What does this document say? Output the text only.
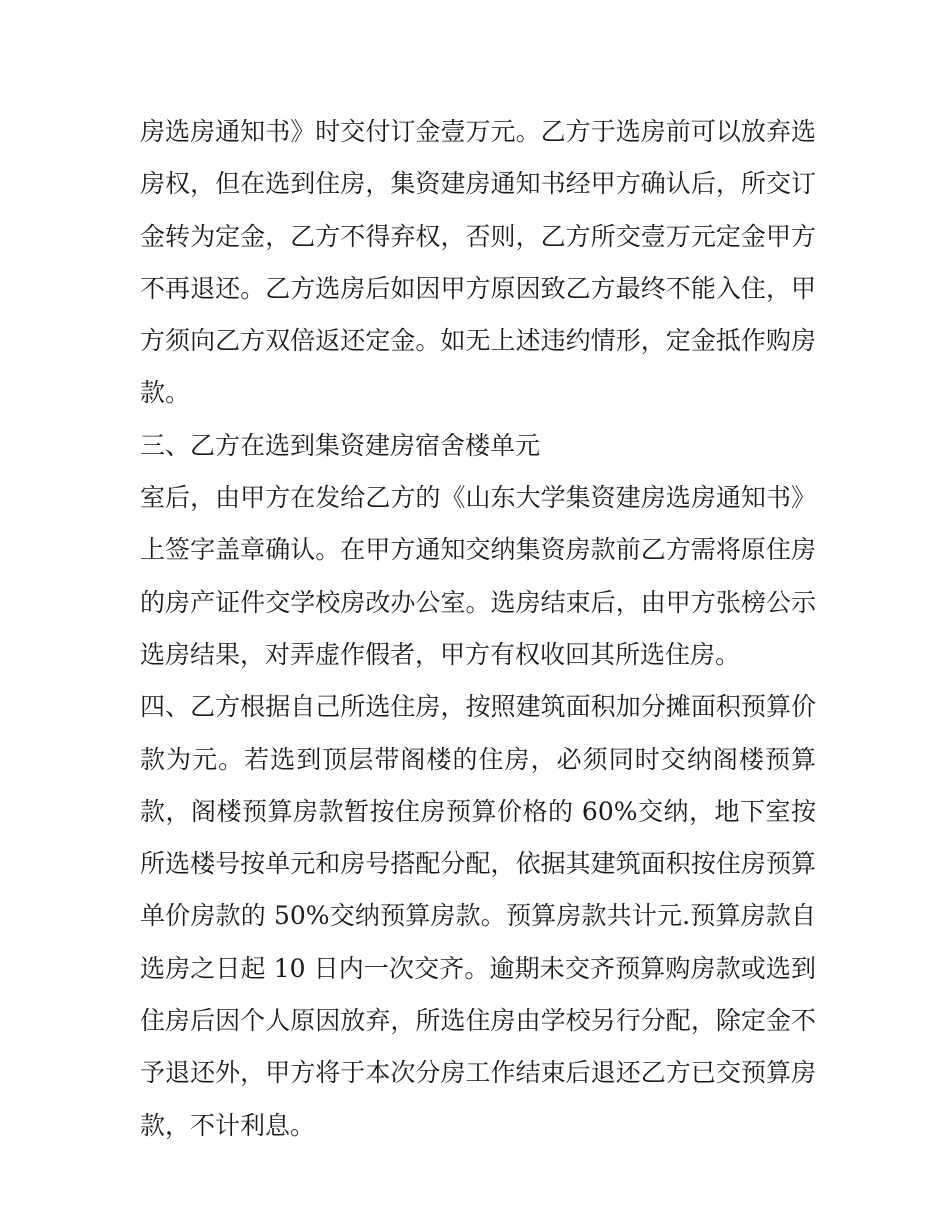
房选房通知书》时交付订金壹万元。乙方于选房前可以放弃选
房权，但在选到住房，集资建房通知书经甲方确认后，所交订
金转为定金，乙方不得弃权，否则，乙方所交壹万元定金甲方
不再退还。乙方选房后如因甲方原因致乙方最终不能入住，甲
方须向乙方双倍返还定金。如无上述违约情形，定金抵作购房
款。
三、乙方在选到集资建房宿舍楼单元
室后，由甲方在发给乙方的《山东大学集资建房选房通知书》
上签字盖章确认。在甲方通知交纳集资房款前乙方需将原住房
的房产证件交学校房改办公室。选房结束后，由甲方张榜公示
选房结果，对弄虚作假者，甲方有权收回其所选住房。
四、乙方根据自己所选住房，按照建筑面积加分摊面积预算价
款为元。若选到顶层带阁楼的住房，必须同时交纳阁楼预算
款，阁楼预算房款暂按住房预算价格的 60%交纳，地下室按
所选楼号按单元和房号搭配分配，依据其建筑面积按住房预算
单价房款的 50%交纳预算房款。预算房款共计元.预算房款自
选房之日起 10 日内一次交齐。逾期未交齐预算购房款或选到
住房后因个人原因放弃，所选住房由学校另行分配，除定金不
予退还外，甲方将于本次分房工作结束后退还乙方已交预算房
款，不计利息。
